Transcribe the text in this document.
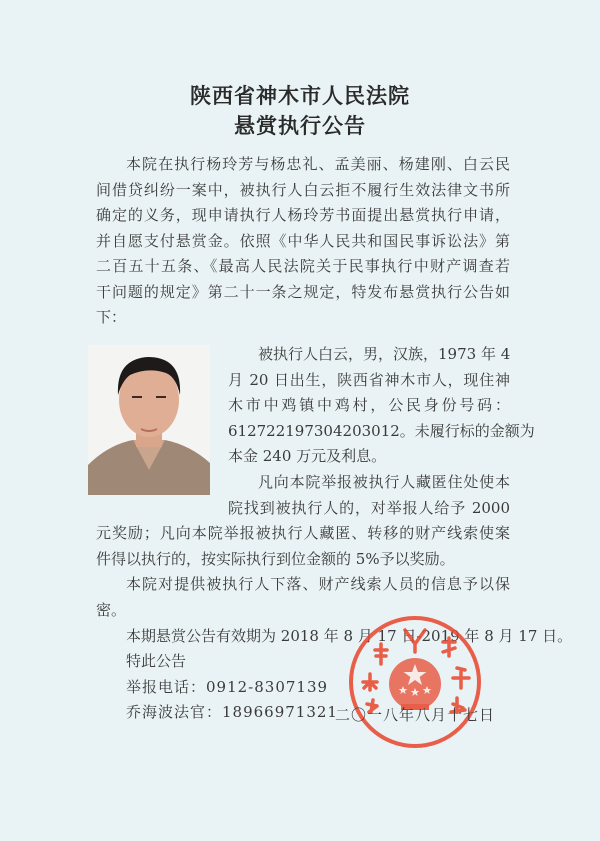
陕西省神木市人民法院
悬赏执行公告
本院在执行杨玲芳与杨忠礼、孟美丽、杨建刚、白云民
间借贷纠纷一案中，被执行人白云拒不履行生效法律文书所
确定的义务，现申请执行人杨玲芳书面提出悬赏执行申请，
并自愿支付悬赏金。依照《中华人民共和国民事诉讼法》第
二百五十五条、《最高人民法院关于民事执行中财产调查若
干问题的规定》第二十一条之规定，特发布悬赏执行公告如
下：
被执行人白云，男，汉族，1973 年 4
月 20 日出生，陕西省神木市人，现住神
木市中鸡镇中鸡村，公民身份号码：
612722197304203012。未履行标的金额为
本金 240 万元及利息。
凡向本院举报被执行人藏匿住处使本
院找到被执行人的，对举报人给予 2000
元奖励；凡向本院举报被执行人藏匿、转移的财产线索使案
件得以执行的，按实际执行到位金额的 5%予以奖励。
本院对提供被执行人下落、财产线索人员的信息予以保
密。
本期悬赏公告有效期为 2018 年 8 月 17 日-2019 年 8 月 17 日。
特此公告
举报电话：0912-8307139
乔海波法官：18966971321
二〇一八年八月十七日
